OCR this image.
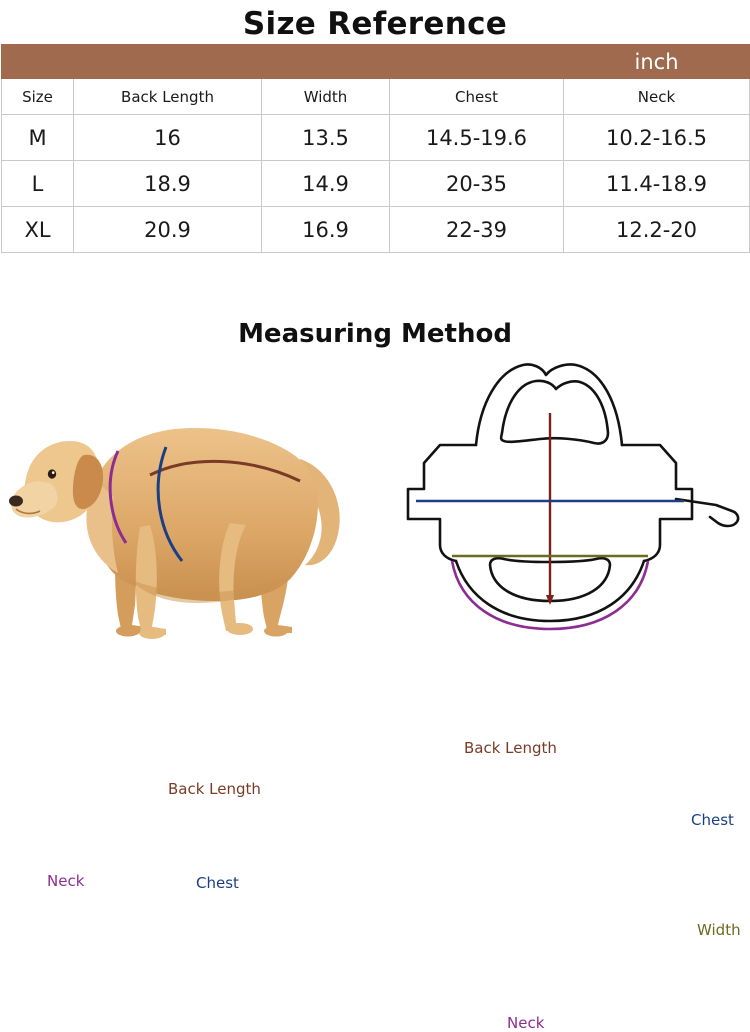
Size Reference
				inch
Size	Back Length	Width	Chest	Neck
M	16	13.5	14.5-19.6	10.2-16.5
L	18.9	14.9	20-35	11.4-18.9
XL	20.9	16.9	22-39	12.2-20
Measuring Method
Back Length
Neck	Chest
Back Length
Chest
Width
Neck
